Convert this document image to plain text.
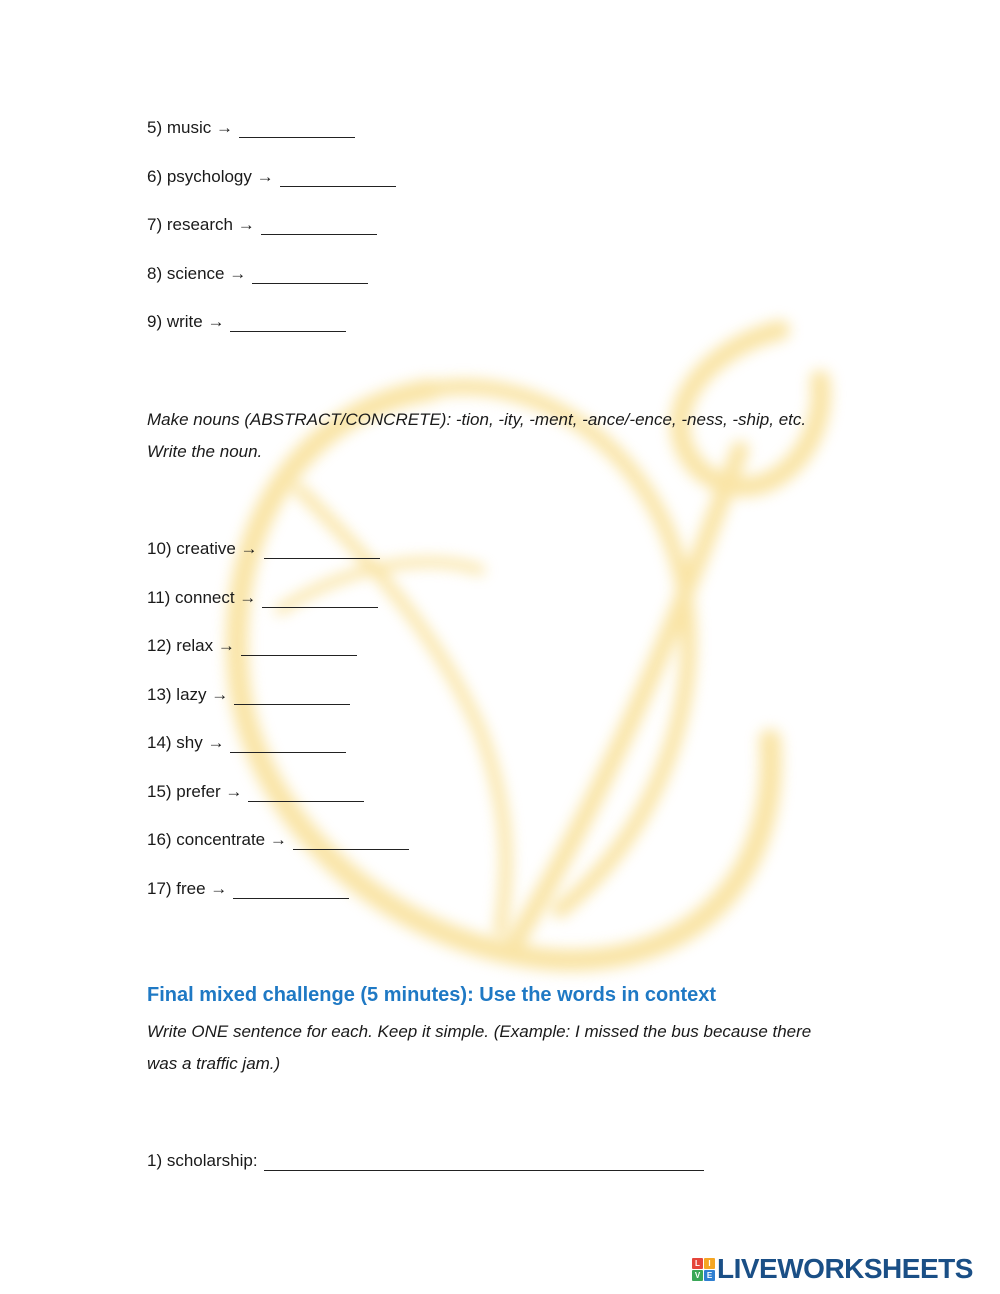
5) music →
6) psychology →
7) research →
8) science →
9) write →
Make nouns (ABSTRACT/CONCRETE): -tion, -ity, -ment, -ance/-ence, -ness, -ship, etc.
Write the noun.
10) creative →
11) connect →
12) relax →
13) lazy →
14) shy →
15) prefer →
16) concentrate →
17) free →
Final mixed challenge (5 minutes): Use the words in context
Write ONE sentence for each. Keep it simple. (Example: I missed the bus because there
was a traffic jam.)
1) scholarship:
L	I
V E LIVEWORKSHEETS
